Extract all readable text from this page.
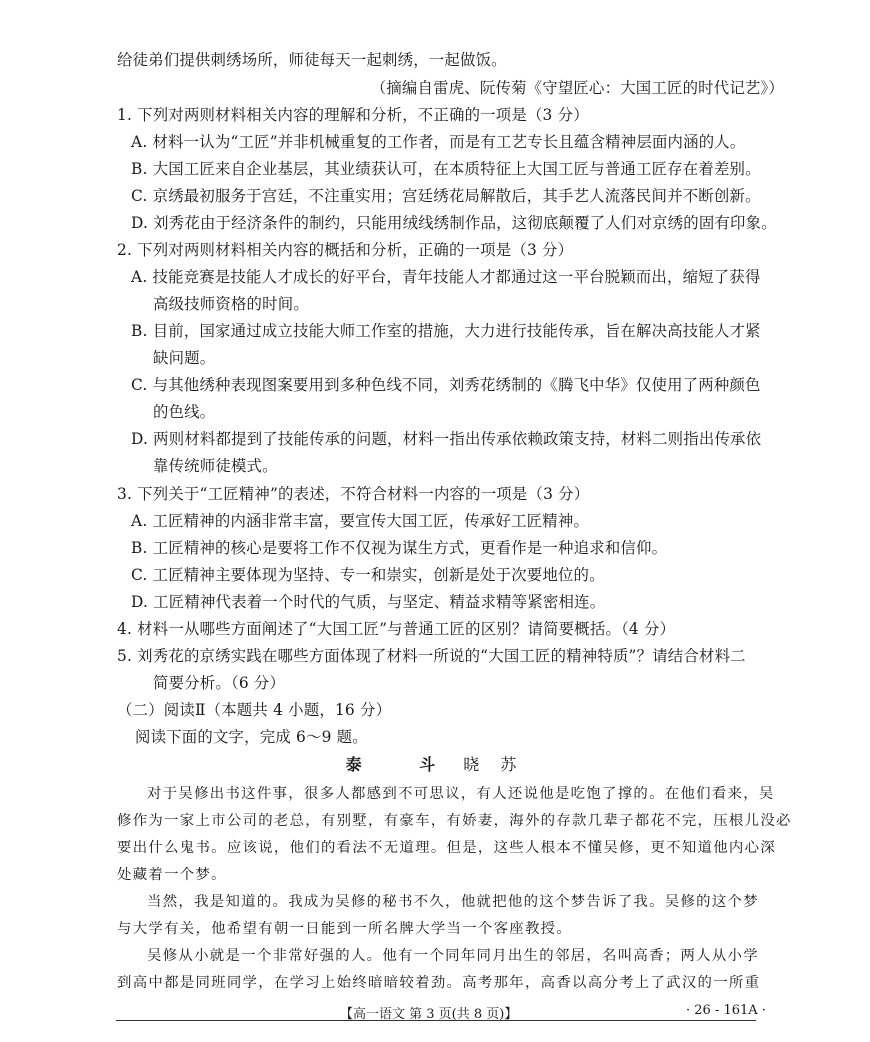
给徒弟们提供刺绣场所，师徒每天一起刺绣，一起做饭。
（摘编自雷虎、阮传菊《守望匠心：大国工匠的时代记艺》）
1. 下列对两则材料相关内容的理解和分析，不正确的一项是（3 分）
A. 材料一认为“工匠”并非机械重复的工作者，而是有工艺专长且蕴含精神层面内涵的人。
B. 大国工匠来自企业基层，其业绩获认可，在本质特征上大国工匠与普通工匠存在着差别。
C. 京绣最初服务于宫廷，不注重实用；宫廷绣花局解散后，其手艺人流落民间并不断创新。
D. 刘秀花由于经济条件的制约，只能用绒线绣制作品，这彻底颠覆了人们对京绣的固有印象。
2. 下列对两则材料相关内容的概括和分析，正确的一项是（3 分）
A. 技能竞赛是技能人才成长的好平台，青年技能人才都通过这一平台脱颖而出，缩短了获得
高级技师资格的时间。
B. 目前，国家通过成立技能大师工作室的措施，大力进行技能传承，旨在解决高技能人才紧
缺问题。
C. 与其他绣种表现图案要用到多种色线不同，刘秀花绣制的《腾飞中华》仅使用了两种颜色
的色线。
D. 两则材料都提到了技能传承的问题，材料一指出传承依赖政策支持，材料二则指出传承依
靠传统师徒模式。
3. 下列关于“工匠精神”的表述，不符合材料一内容的一项是（3 分）
A. 工匠精神的内涵非常丰富，要宣传大国工匠，传承好工匠精神。
B. 工匠精神的核心是要将工作不仅视为谋生方式，更看作是一种追求和信仰。
C. 工匠精神主要体现为坚持、专一和崇实，创新是处于次要地位的。
D. 工匠精神代表着一个时代的气质，与坚定、精益求精等紧密相连。
4. 材料一从哪些方面阐述了“大国工匠”与普通工匠的区别？请简要概括。（4 分）
5. 刘秀花的京绣实践在哪些方面体现了材料一所说的“大国工匠的精神特质”？请结合材料二
简要分析。（6 分）
（二）阅读Ⅱ（本题共 4 小题，16 分）
阅读下面的文字，完成 6～9 题。
泰 斗 晓 苏
对于吴修出书这件事，很多人都感到不可思议，有人还说他是吃饱了撑的。在他们看来，吴
修作为一家上市公司的老总，有别墅，有豪车，有娇妻，海外的存款几辈子都花不完，压根儿没必
要出什么鬼书。应该说，他们的看法不无道理。但是，这些人根本不懂吴修，更不知道他内心深
处藏着一个梦。
当然，我是知道的。我成为吴修的秘书不久，他就把他的这个梦告诉了我。吴修的这个梦
与大学有关，他希望有朝一日能到一所名牌大学当一个客座教授。
吴修从小就是一个非常好强的人。他有一个同年同月出生的邻居，名叫高香；两人从小学
到高中都是同班同学，在学习上始终暗暗较着劲。高考那年，高香以高分考上了武汉的一所重
【高一语文 第 3 页(共 8 页)】	· 26 - 161A ·
